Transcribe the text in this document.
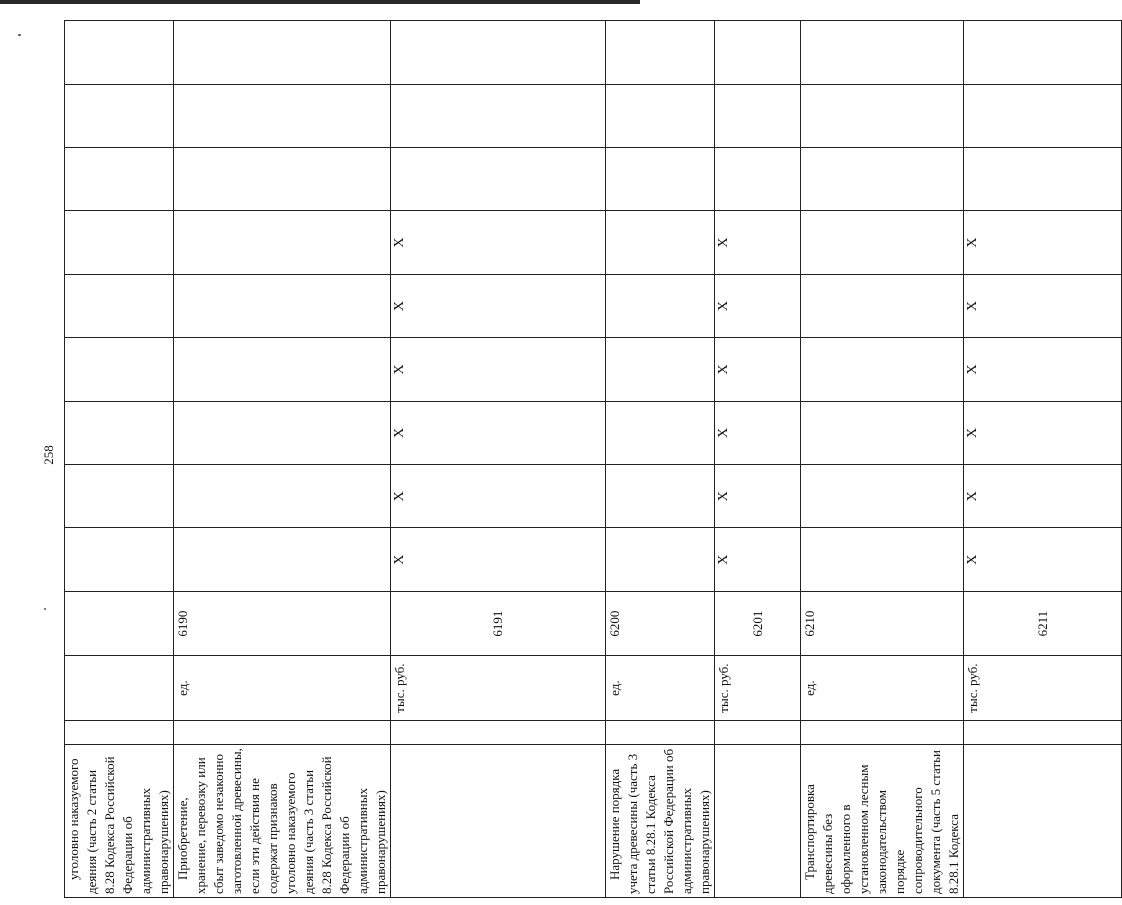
258
уголовно наказуемого деяния (часть 2 статьи 8.28 Кодекса Российской Федерации об административных правонарушениях)												
Приобретение, хранение, перевозку или сбыт заведомо незаконно заготовленной древесины, если эти действия не содержат признаков уголовно наказуемого деяния (часть 3 статьи 8.28 Кодекса Российской Федерации об административных правонарушениях)		ед.	6190									
		тыс. руб.	6191	X	X	X	X	X	X			
Нарушение порядка учета древесины (часть 3 статьи 8.28.1 Кодекса Российской Федерации об административных правонарушениях)		ед.	6200									
		тыс. руб.	6201	X	X	X	X	X	X			
Транспортировка древесины без оформленного в установленном лесным законодательством порядке сопроводительного документа (часть 5 статьи 8.28.1 Кодекса		ед.	6210									
		тыс. руб.	6211	X	X	X	X	X	X			
